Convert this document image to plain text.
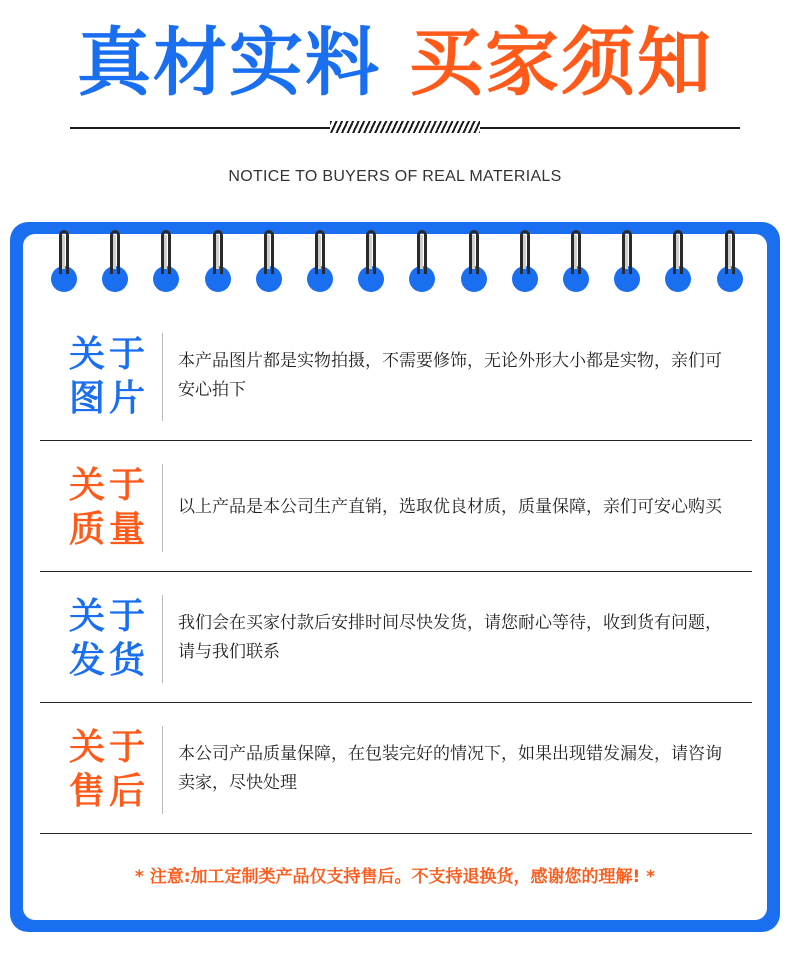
真材实料 买家须知
NOTICE TO BUYERS OF REAL MATERIALS
关于
图片
本产品图片都是实物拍摄，不需要修饰，无论外形大小都是实物，亲们可安心拍下
关于
质量
以上产品是本公司生产直销，选取优良材质，质量保障，亲们可安心购买
关于
发货
我们会在买家付款后安排时间尽快发货，请您耐心等待，收到货有问题，请与我们联系
关于
售后
本公司产品质量保障，在包装完好的情况下，如果出现错发漏发，请咨询卖家，尽快处理
* 注意:加工定制类产品仅支持售后。不支持退换货，感谢您的理解! *
